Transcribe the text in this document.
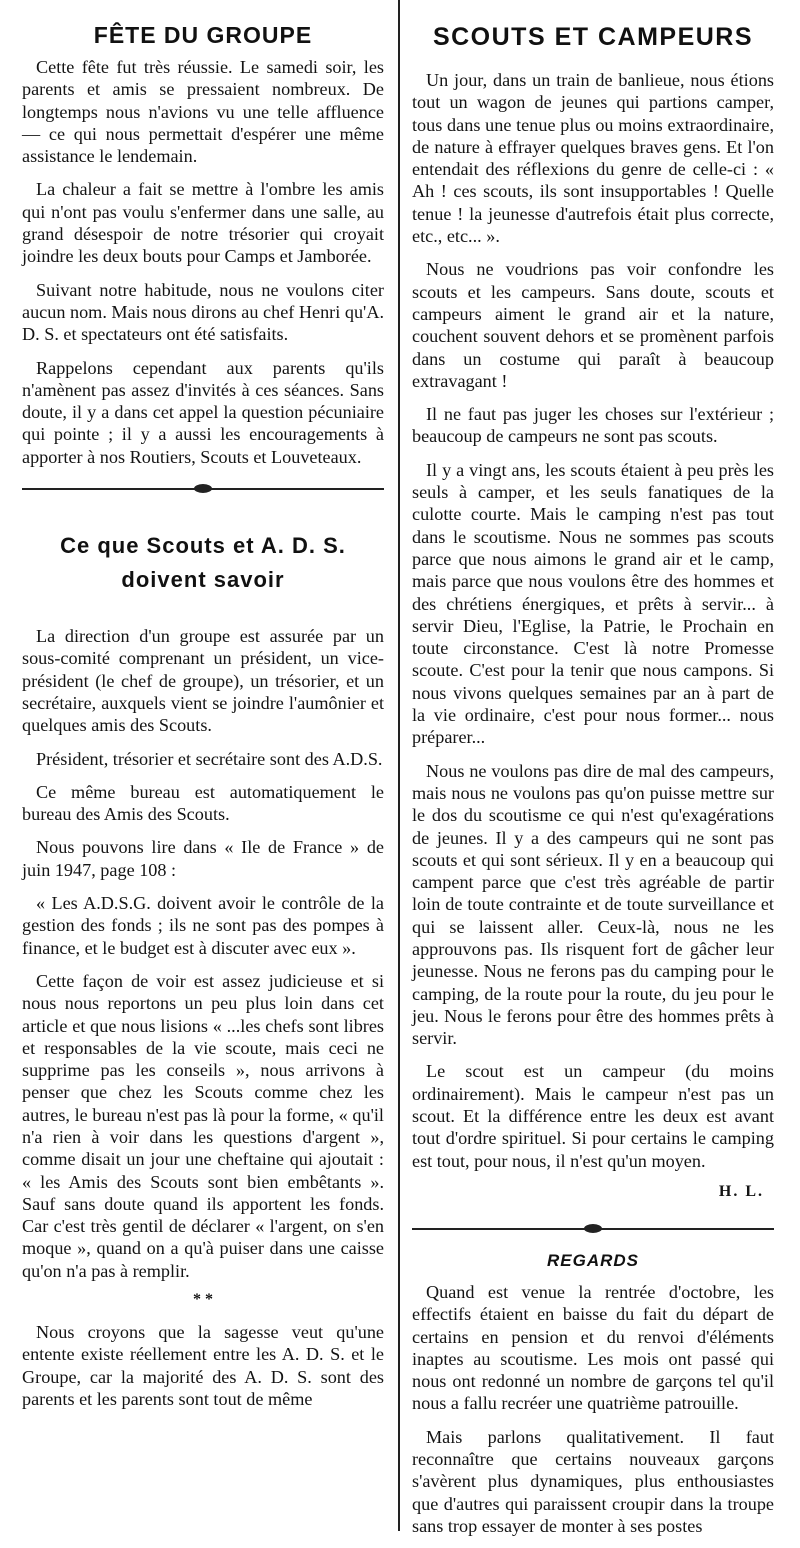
FÊTE DU GROUPE

Cette fête fut très réussie. Le samedi soir, les parents et amis se pressaient nombreux. De longtemps nous n'avions vu une telle affluence — ce qui nous permettait d'espérer une même assistance le lendemain.

La chaleur a fait se mettre à l'ombre les amis qui n'ont pas voulu s'enfermer dans une salle, au grand désespoir de notre trésorier qui croyait joindre les deux bouts pour Camps et Jamborée.

Suivant notre habitude, nous ne voulons citer aucun nom. Mais nous dirons au chef Henri qu'A. D. S. et spectateurs ont été satisfaits.

Rappelons cependant aux parents qu'ils n'amènent pas assez d'invités à ces séances. Sans doute, il y a dans cet appel la question pécuniaire qui pointe ; il y a aussi les encouragements à apporter à nos Routiers, Scouts et Louveteaux.

Ce que Scouts et A. D. S.
doivent savoir

La direction d'un groupe est assurée par un sous-comité comprenant un président, un vice-président (le chef de groupe), un trésorier, et un secrétaire, auxquels vient se joindre l'aumônier et quelques amis des Scouts.

Président, trésorier et secrétaire sont des A.D.S.

Ce même bureau est automatiquement le bureau des Amis des Scouts.

Nous pouvons lire dans « Ile de France » de juin 1947, page 108 :

« Les A.D.S.G. doivent avoir le contrôle de la gestion des fonds ; ils ne sont pas des pompes à finance, et le budget est à discuter avec eux ».

Cette façon de voir est assez judicieuse et si nous nous reportons un peu plus loin dans cet article et que nous lisions « ...les chefs sont libres et responsables de la vie scoute, mais ceci ne supprime pas les conseils », nous arrivons à penser que chez les Scouts comme chez les autres, le bureau n'est pas là pour la forme, « qu'il n'a rien à voir dans les questions d'argent », comme disait un jour une cheftaine qui ajoutait : « les Amis des Scouts sont bien embêtants ». Sauf sans doute quand ils apportent les fonds. Car c'est très gentil de déclarer « l'argent, on s'en moque », quand on a qu'à puiser dans une caisse qu'on n'a pas à remplir.

* *

Nous croyons que la sagesse veut qu'une entente existe réellement entre les A. D. S. et le Groupe, car la majorité des A. D. S. sont des parents et les parents sont tout de même

SCOUTS ET CAMPEURS

Un jour, dans un train de banlieue, nous étions tout un wagon de jeunes qui partions camper, tous dans une tenue plus ou moins extraordinaire, de nature à effrayer quelques braves gens. Et l'on entendait des réflexions du genre de celle-ci : « Ah ! ces scouts, ils sont insupportables ! Quelle tenue ! la jeunesse d'autrefois était plus correcte, etc., etc... ».

Nous ne voudrions pas voir confondre les scouts et les campeurs. Sans doute, scouts et campeurs aiment le grand air et la nature, couchent souvent dehors et se promènent parfois dans un costume qui paraît à beaucoup extravagant !

Il ne faut pas juger les choses sur l'extérieur ; beaucoup de campeurs ne sont pas scouts.

Il y a vingt ans, les scouts étaient à peu près les seuls à camper, et les seuls fanatiques de la culotte courte. Mais le camping n'est pas tout dans le scoutisme. Nous ne sommes pas scouts parce que nous aimons le grand air et le camp, mais parce que nous voulons être des hommes et des chrétiens énergiques, et prêts à servir... à servir Dieu, l'Eglise, la Patrie, le Prochain en toute circonstance. C'est là notre Promesse scoute. C'est pour la tenir que nous campons. Si nous vivons quelques semaines par an à part de la vie ordinaire, c'est pour nous former... nous préparer...

Nous ne voulons pas dire de mal des campeurs, mais nous ne voulons pas qu'on puisse mettre sur le dos du scoutisme ce qui n'est qu'exagérations de jeunes. Il y a des campeurs qui ne sont pas scouts et qui sont sérieux. Il y en a beaucoup qui campent parce que c'est très agréable de partir loin de toute contrainte et de toute surveillance et qui se laissent aller. Ceux-là, nous ne les approuvons pas. Ils risquent fort de gâcher leur jeunesse. Nous ne ferons pas du camping pour le camping, de la route pour la route, du jeu pour le jeu. Nous le ferons pour être des hommes prêts à servir.

Le scout est un campeur (du moins ordinairement). Mais le campeur n'est pas un scout. Et la différence entre les deux est avant tout d'ordre spirituel. Si pour certains le camping est tout, pour nous, il n'est qu'un moyen.

H. L.
REGARDS

Quand est venue la rentrée d'octobre, les effectifs étaient en baisse du fait du départ de certains en pension et du renvoi d'éléments inaptes au scoutisme. Les mois ont passé qui nous ont redonné un nombre de garçons tel qu'il nous a fallu recréer une quatrième patrouille.

Mais parlons qualitativement. Il faut reconnaître que certains nouveaux garçons s'avèrent plus dynamiques, plus enthousiastes que d'autres qui paraissent croupir dans la troupe sans trop essayer de monter à ses postes
